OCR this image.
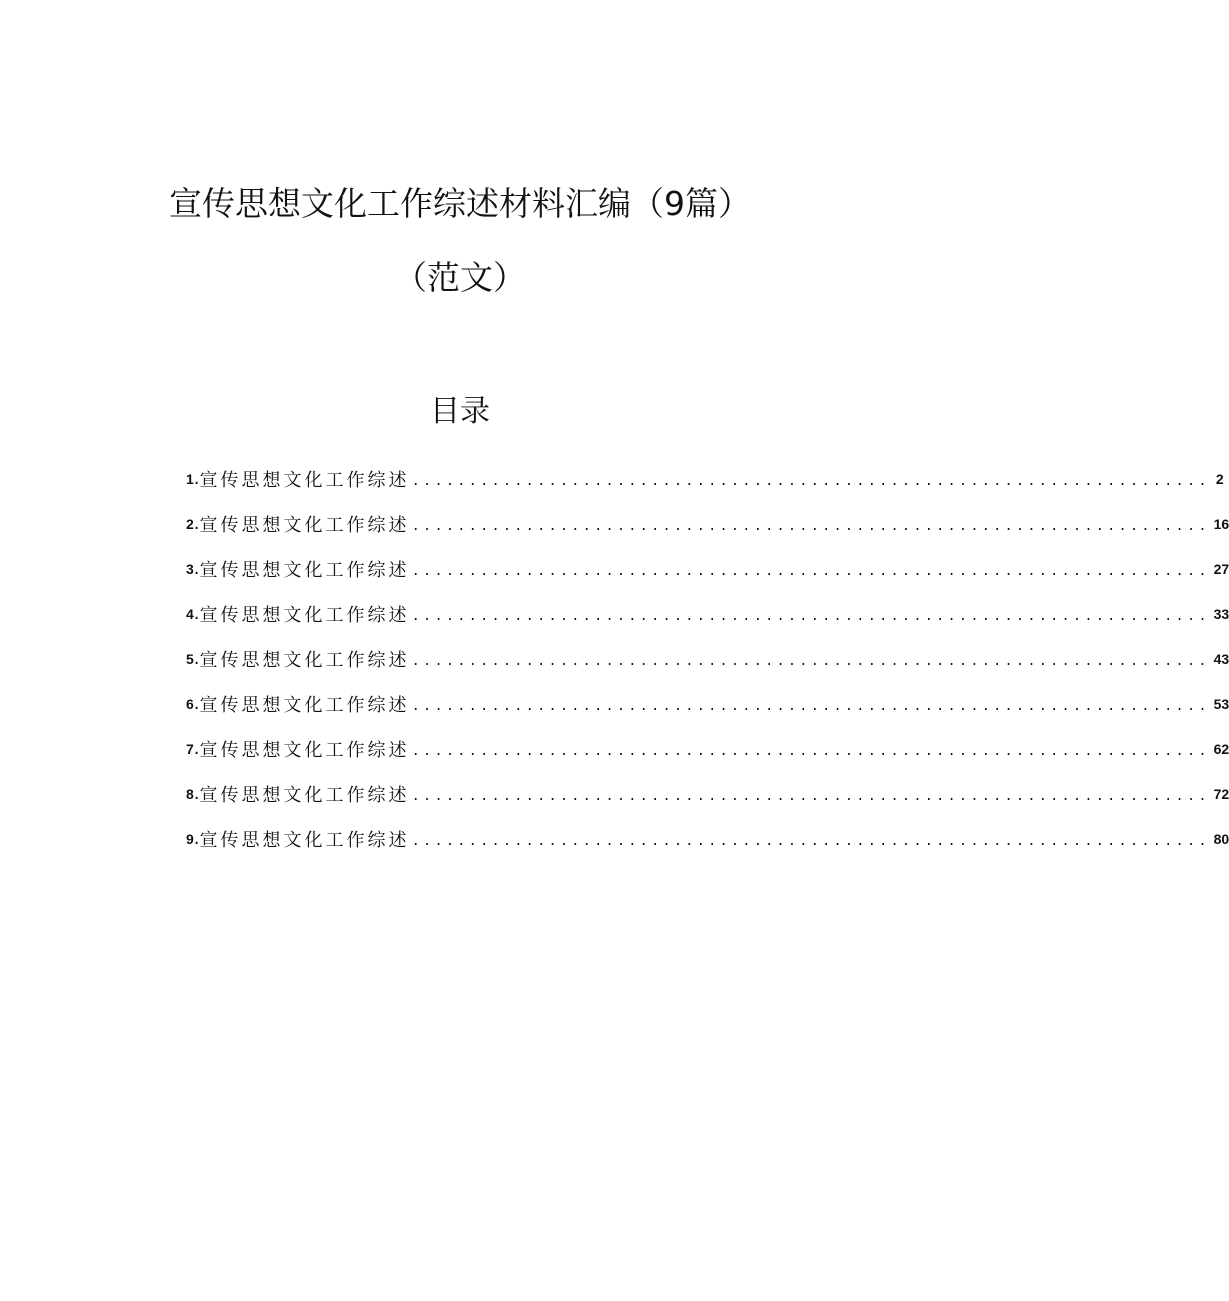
宣传思想文化工作综述材料汇编（9篇）
（范文）
目录
1 . 宣传思想文化工作综述 ...................................................................... 2
2 . 宣传思想文化工作综述 ...................................................................... 16
3 . 宣传思想文化工作综述 ...................................................................... 27
4 . 宣传思想文化工作综述 ...................................................................... 33
5 . 宣传思想文化工作综述 ...................................................................... 43
6 . 宣传思想文化工作综述 ...................................................................... 53
7 . 宣传思想文化工作综述 ...................................................................... 62
8 . 宣传思想文化工作综述 ...................................................................... 72
9 . 宣传思想文化工作综述 ...................................................................... 80
